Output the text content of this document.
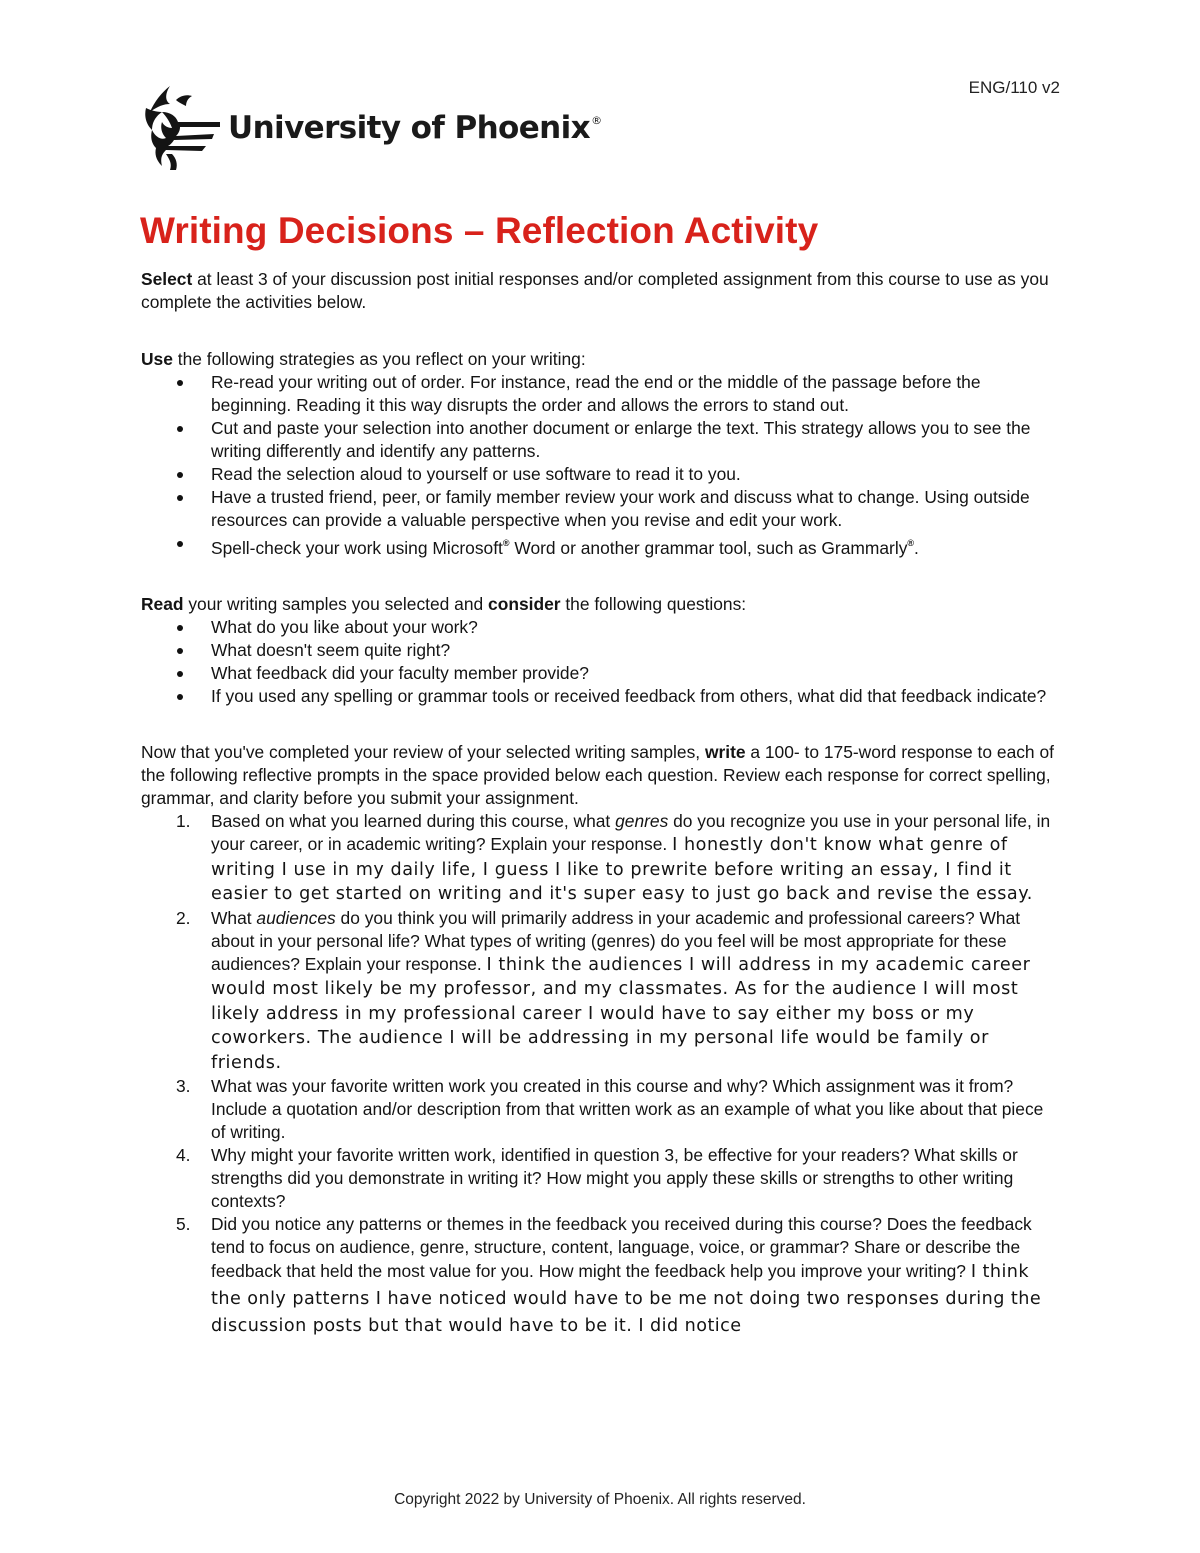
ENG/110 v2
University of Phoenix®
Writing Decisions – Reflection Activity

Select at least 3 of your discussion post initial responses and/or completed assignment from this course to use as you complete the activities below.

Use the following strategies as you reflect on your writing:

Re-read your writing out of order. For instance, read the end or the middle of the passage before the beginning. Reading it this way disrupts the order and allows the errors to stand out.
Cut and paste your selection into another document or enlarge the text. This strategy allows you to see the writing differently and identify any patterns.
Read the selection aloud to yourself or use software to read it to you.
Have a trusted friend, peer, or family member review your work and discuss what to change. Using outside resources can provide a valuable perspective when you revise and edit your work.
Spell-check your work using Microsoft® Word or another grammar tool, such as Grammarly®.

Read your writing samples you selected and consider the following questions:

What do you like about your work?
What doesn't seem quite right?
What feedback did your faculty member provide?
If you used any spelling or grammar tools or received feedback from others, what did that feedback indicate?

Now that you've completed your review of your selected writing samples, write a 100- to 175-word response to each of the following reflective prompts in the space provided below each question. Review each response for correct spelling, grammar, and clarity before you submit your assignment.

1. Based on what you learned during this course, what genres do you recognize you use in your personal life, in your career, or in academic writing? Explain your response. I honestly don't know what genre of writing I use in my daily life, I guess I like to prewrite before writing an essay, I find it easier to get started on writing and it's super easy to just go back and revise the essay.
2. What audiences do you think you will primarily address in your academic and professional careers? What about in your personal life? What types of writing (genres) do you feel will be most appropriate for these audiences? Explain your response. I think the audiences I will address in my academic career would most likely be my professor, and my classmates. As for the audience I will most likely address in my professional career I would have to say either my boss or my coworkers. The audience I will be addressing in my personal life would be family or friends.
3. What was your favorite written work you created in this course and why? Which assignment was it from? Include a quotation and/or description from that written work as an example of what you like about that piece of writing.
4. Why might your favorite written work, identified in question 3, be effective for your readers? What skills or strengths did you demonstrate in writing it? How might you apply these skills or strengths to other writing contexts?
5. Did you notice any patterns or themes in the feedback you received during this course? Does the feedback tend to focus on audience, genre, structure, content, language, voice, or grammar? Share or describe the feedback that held the most value for you. How might the feedback help you improve your writing? I think the only patterns I have noticed would have to be me not doing two responses during the discussion posts but that would have to be it. I did notice
Copyright 2022 by University of Phoenix. All rights reserved.
